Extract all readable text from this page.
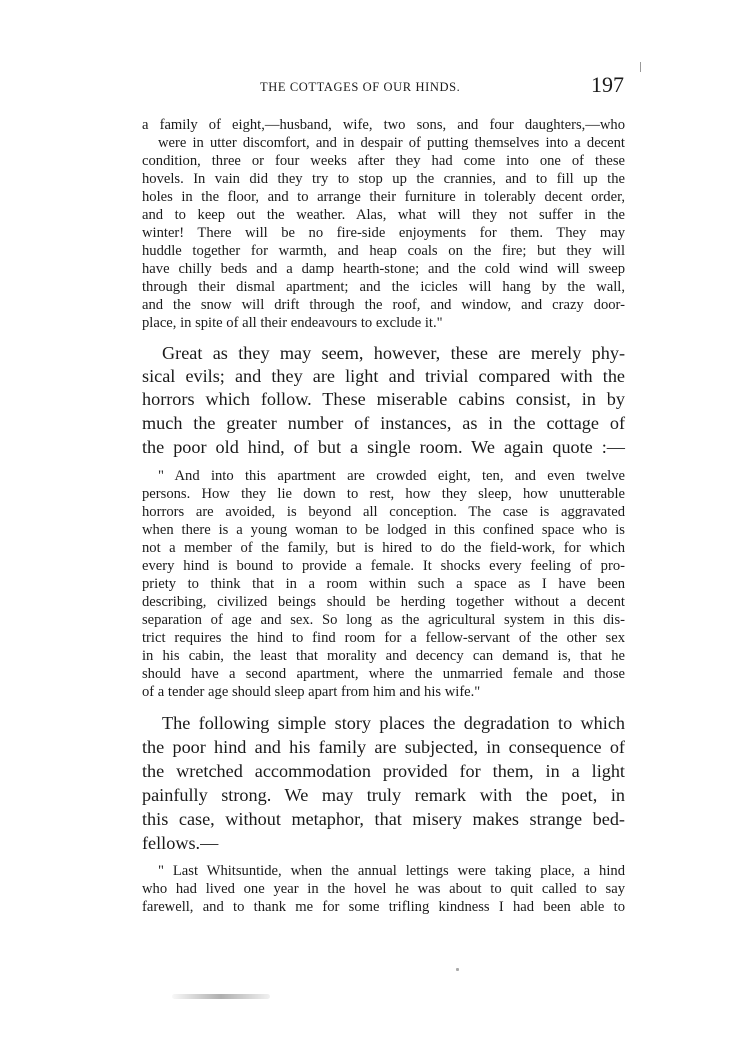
THE COTTAGES OF OUR HINDS.	197
a family of eight,—husband, wife, two sons, and four daughters,—who
were in utter discomfort, and in despair of putting themselves into a decent
condition, three or four weeks after they had come into one of these
hovels. In vain did they try to stop up the crannies, and to fill up the
holes in the floor, and to arrange their furniture in tolerably decent order,
and to keep out the weather. Alas, what will they not suffer in the
winter! There will be no fire-side enjoyments for them. They may
huddle together for warmth, and heap coals on the fire; but they will
have chilly beds and a damp hearth-stone; and the cold wind will sweep
through their dismal apartment; and the icicles will hang by the wall,
and the snow will drift through the roof, and window, and crazy door-
place, in spite of all their endeavours to exclude it."
Great as they may seem, however, these are merely phy-
sical evils; and they are light and trivial compared with the
horrors which follow. These miserable cabins consist, in by
much the greater number of instances, as in the cottage of
the poor old hind, of but a single room. We again quote :—
" And into this apartment are crowded eight, ten, and even twelve
persons. How they lie down to rest, how they sleep, how unutterable
horrors are avoided, is beyond all conception. The case is aggravated
when there is a young woman to be lodged in this confined space who is
not a member of the family, but is hired to do the field-work, for which
every hind is bound to provide a female. It shocks every feeling of pro-
priety to think that in a room within such a space as I have been
describing, civilized beings should be herding together without a decent
separation of age and sex. So long as the agricultural system in this dis-
trict requires the hind to find room for a fellow-servant of the other sex
in his cabin, the least that morality and decency can demand is, that he
should have a second apartment, where the unmarried female and those
of a tender age should sleep apart from him and his wife."
The following simple story places the degradation to which
the poor hind and his family are subjected, in consequence of
the wretched accommodation provided for them, in a light
painfully strong. We may truly remark with the poet, in
this case, without metaphor, that misery makes strange bed-
fellows.—
" Last Whitsuntide, when the annual lettings were taking place, a hind
who had lived one year in the hovel he was about to quit called to say
farewell, and to thank me for some trifling kindness I had been able to
